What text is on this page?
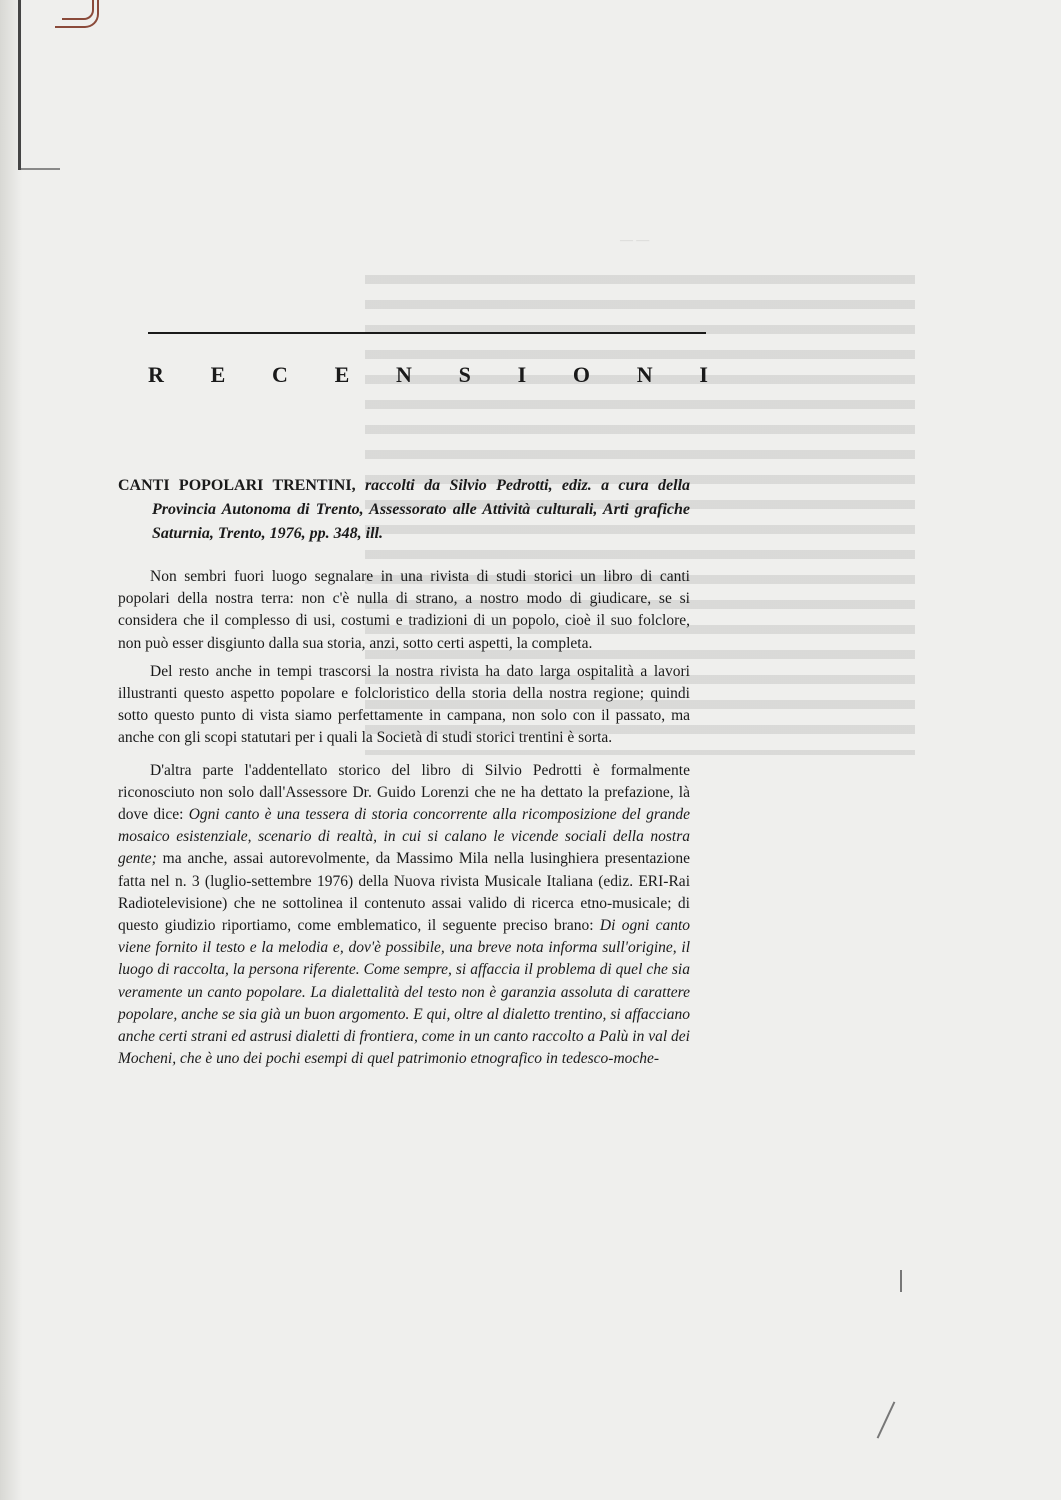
— —
R E C E N S I O N I
CANTI POPOLARI TRENTINI, raccolti da Silvio Pedrotti, ediz. a cura della Provincia Autonoma di Trento, Assessorato alle Attività culturali, Arti grafiche Saturnia, Trento, 1976, pp. 348, ill.

Non sembri fuori luogo segnalare in una rivista di studi storici un libro di canti popolari della nostra terra: non c'è nulla di strano, a nostro modo di giudicare, se si considera che il complesso di usi, costumi e tradizioni di un popolo, cioè il suo folclore, non può esser disgiunto dalla sua storia, anzi, sotto certi aspetti, la completa.

Del resto anche in tempi trascorsi la nostra rivista ha dato larga ospitalità a lavori illustranti questo aspetto popolare e folcloristico della storia della nostra regione; quindi sotto questo punto di vista siamo perfettamente in campana, non solo con il passato, ma anche con gli scopi statutari per i quali la Società di studi storici trentini è sorta.

D'altra parte l'addentellato storico del libro di Silvio Pedrotti è formalmente riconosciuto non solo dall'Assessore Dr. Guido Lorenzi che ne ha dettato la prefazione, là dove dice: Ogni canto è una tessera di storia concorrente alla ricomposizione del grande mosaico esistenziale, scenario di realtà, in cui si calano le vicende sociali della nostra gente; ma anche, assai autorevolmente, da Massimo Mila nella lusinghiera presentazione fatta nel n. 3 (luglio-settembre 1976) della Nuova rivista Musicale Italiana (ediz. ERI-Rai Radiotelevisione) che ne sottolinea il contenuto assai valido di ricerca etno-musicale; di questo giudizio riportiamo, come emblematico, il seguente preciso brano: Di ogni canto viene fornito il testo e la melodia e, dov'è possibile, una breve nota informa sull'origine, il luogo di raccolta, la persona riferente. Come sempre, si affaccia il problema di quel che sia veramente un canto popolare. La dialettalità del testo non è garanzia assoluta di carattere popolare, anche se sia già un buon argomento. E qui, oltre al dialetto trentino, si affacciano anche certi strani ed astrusi dialetti di frontiera, come in un canto raccolto a Palù in val dei Mocheni, che è uno dei pochi esempi di quel patrimonio etnografico in tedesco-moche-
